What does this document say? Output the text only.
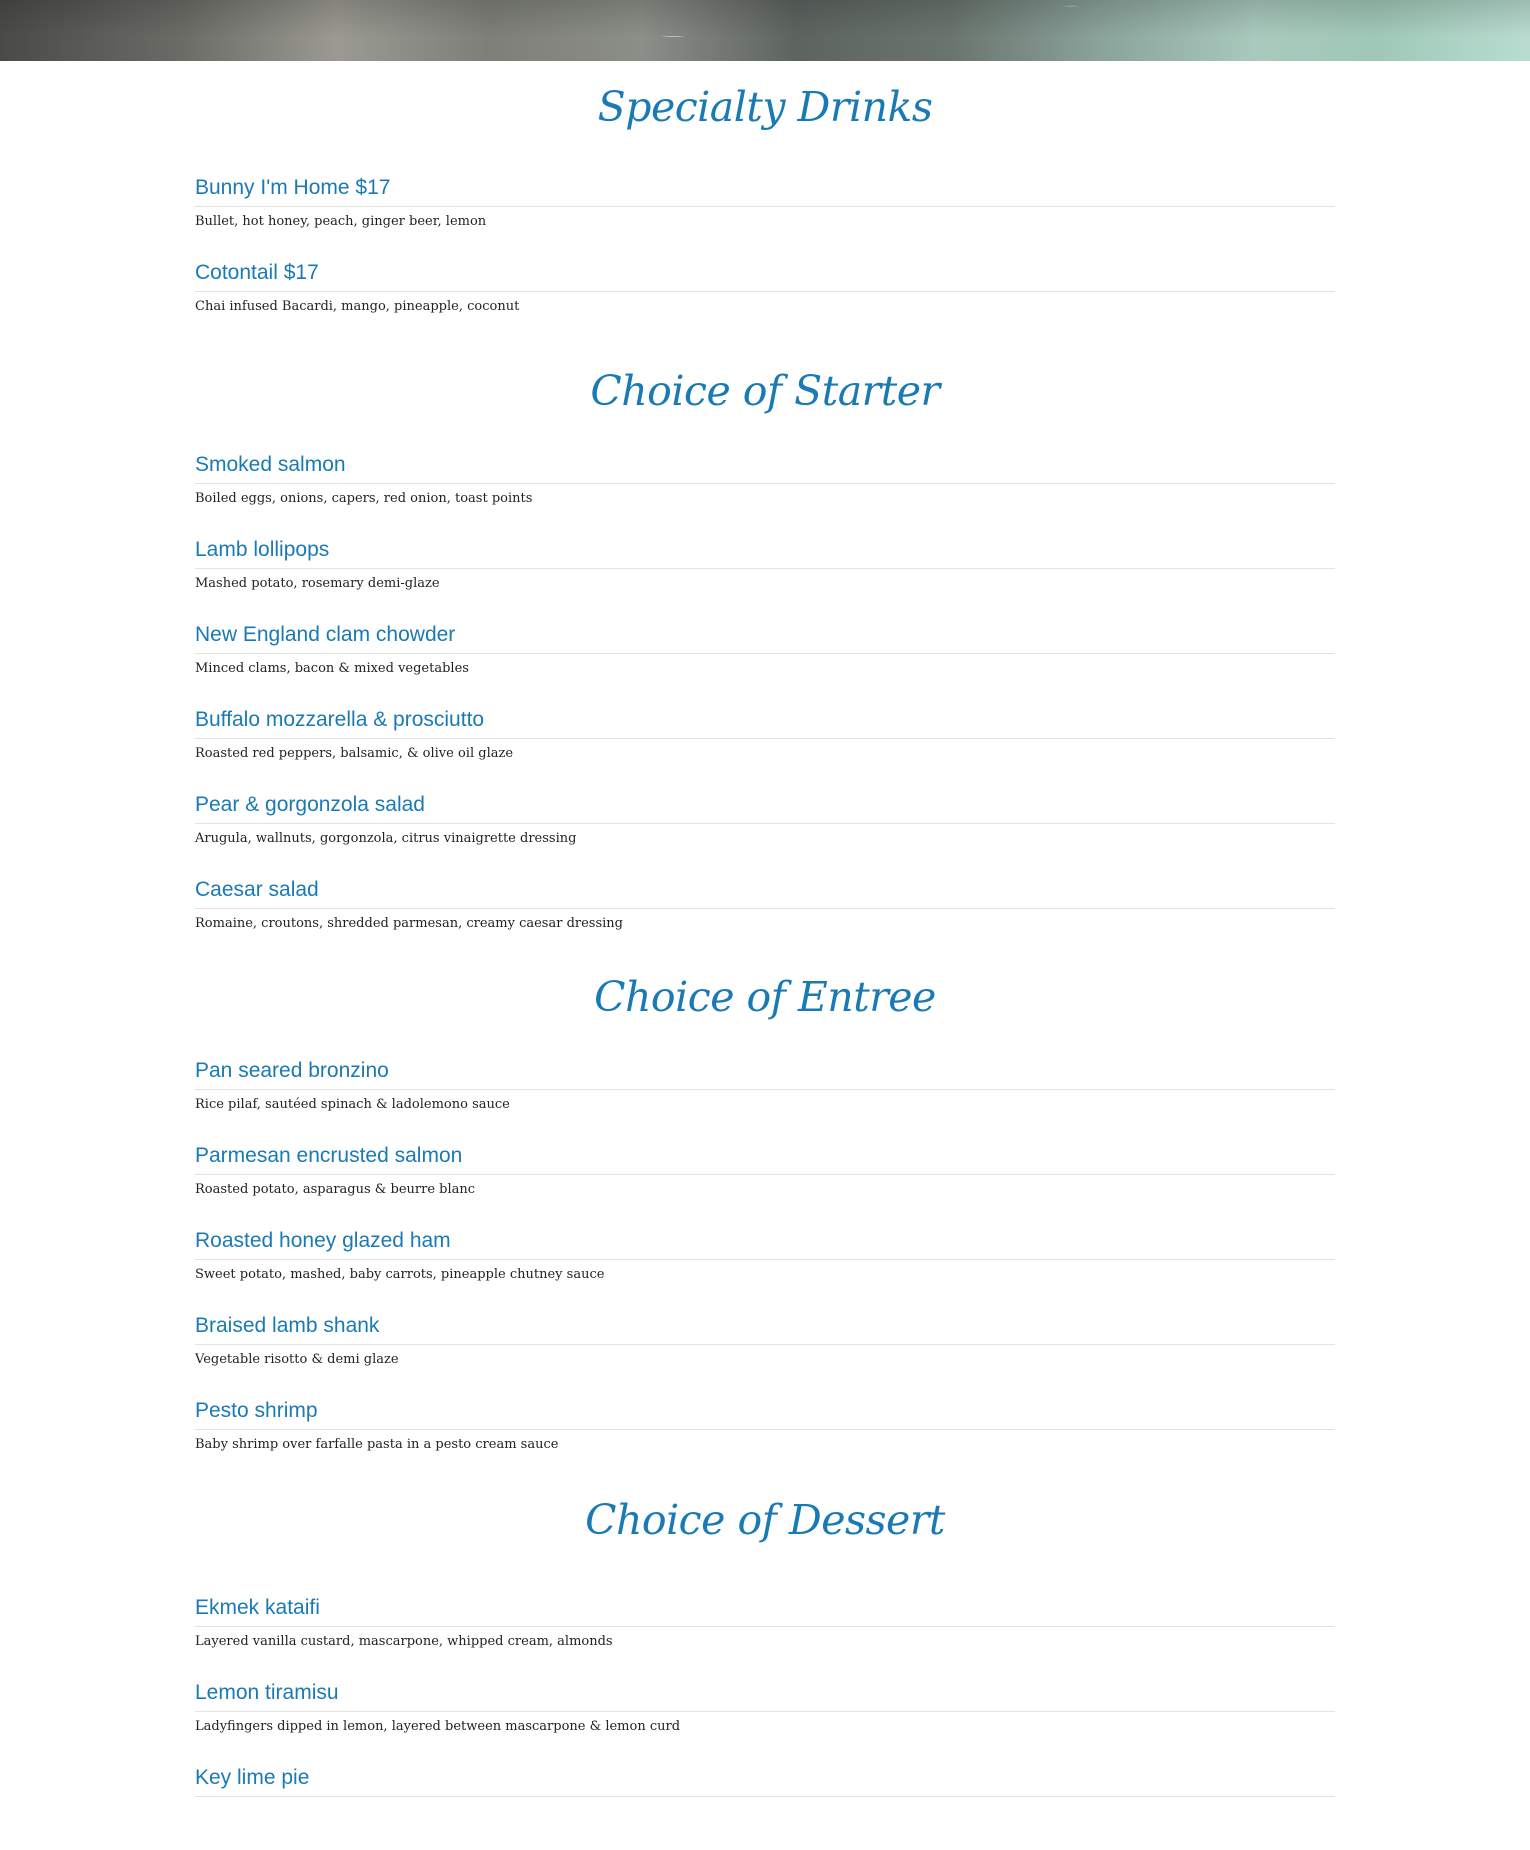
Specialty Drinks
Bunny I'm Home $17
Bullet, hot honey, peach, ginger beer, lemon
Cotontail $17
Chai infused Bacardi, mango, pineapple, coconut
Choice of Starter
Smoked salmon
Boiled eggs, onions, capers, red onion, toast points
Lamb lollipops
Mashed potato, rosemary demi-glaze
New England clam chowder
Minced clams, bacon & mixed vegetables
Buffalo mozzarella & prosciutto
Roasted red peppers, balsamic, & olive oil glaze
Pear & gorgonzola salad
Arugula, wallnuts, gorgonzola, citrus vinaigrette dressing
Caesar salad
Romaine, croutons, shredded parmesan, creamy caesar dressing
Choice of Entree
Pan seared bronzino
Rice pilaf, sautéed spinach & ladolemono sauce
Parmesan encrusted salmon
Roasted potato, asparagus & beurre blanc
Roasted honey glazed ham
Sweet potato, mashed, baby carrots, pineapple chutney sauce
Braised lamb shank
Vegetable risotto & demi glaze
Pesto shrimp
Baby shrimp over farfalle pasta in a pesto cream sauce
Choice of Dessert
Ekmek kataifi
Layered vanilla custard, mascarpone, whipped cream, almonds
Lemon tiramisu
Ladyfingers dipped in lemon, layered between mascarpone & lemon curd
Key lime pie
